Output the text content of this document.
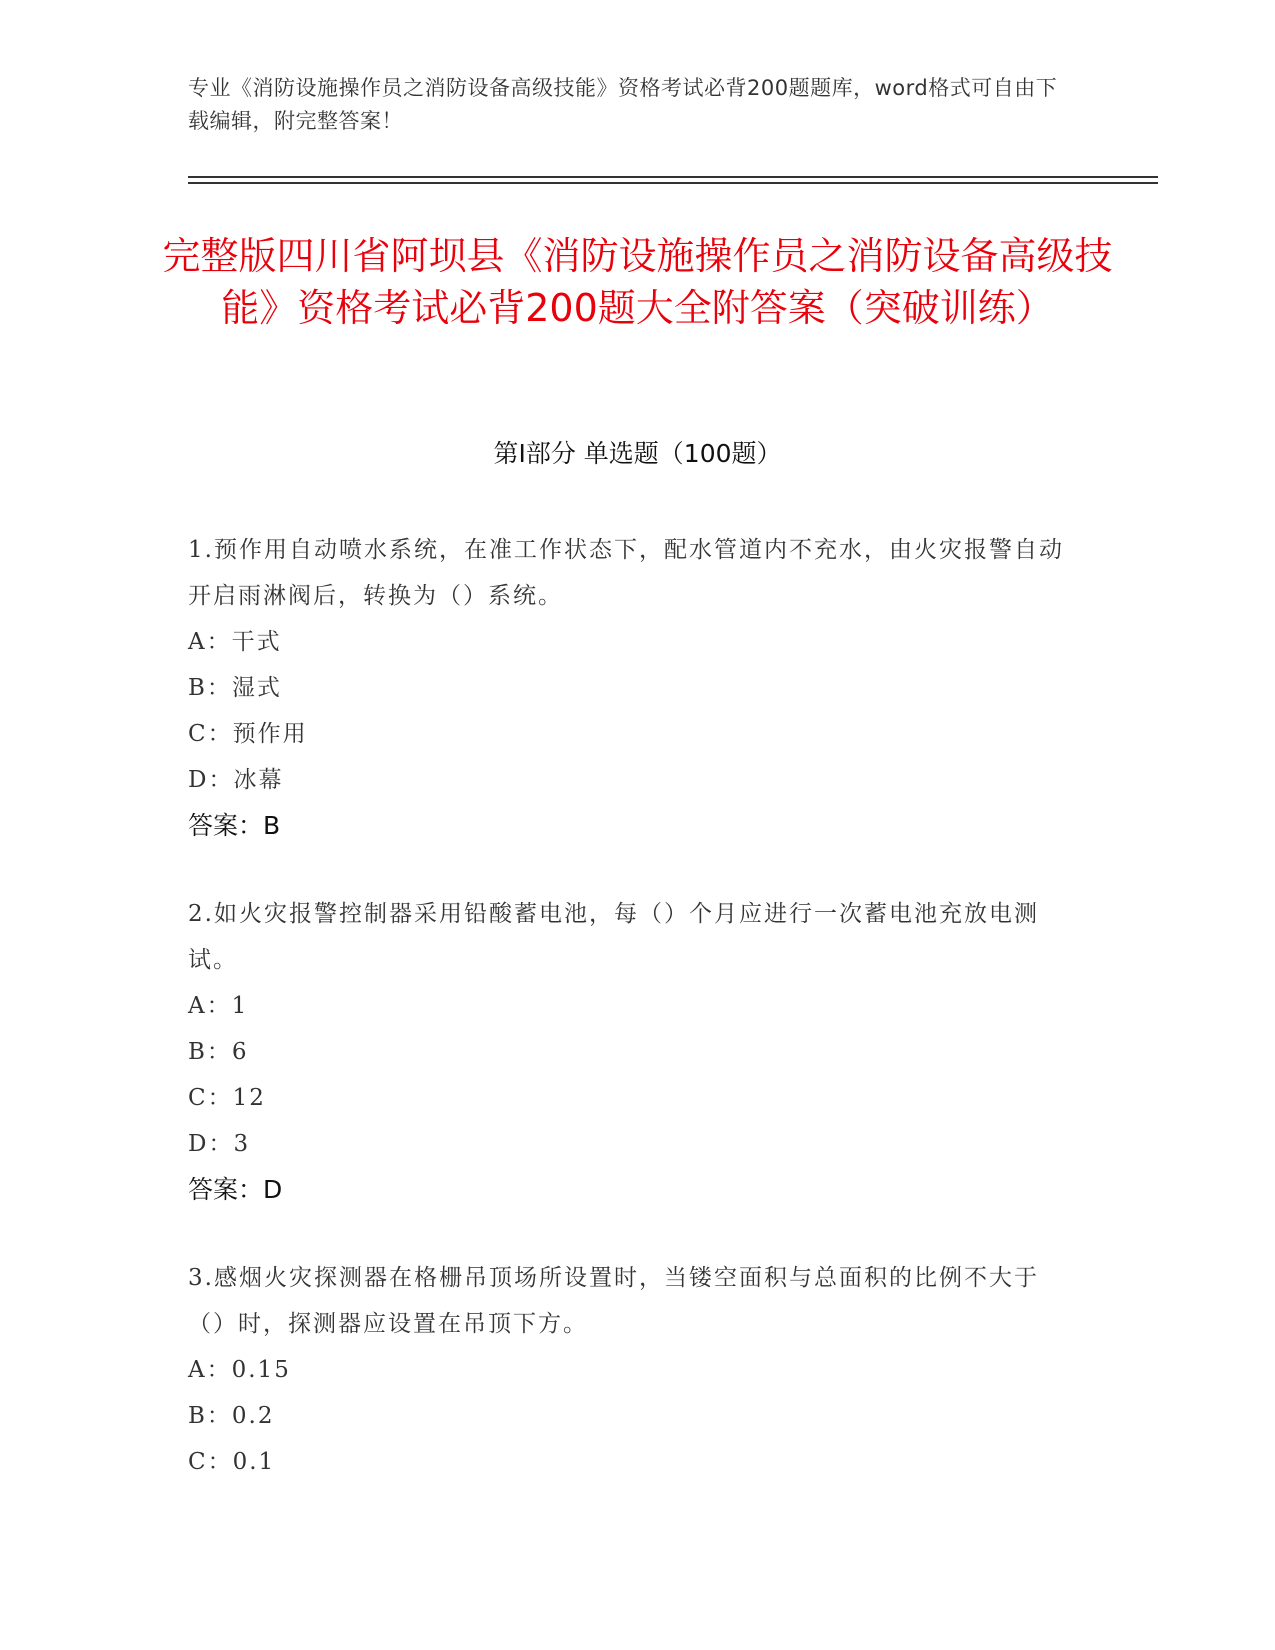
专业《消防设施操作员之消防设备高级技能》资格考试必背200题题库，word格式可自由下载编辑，附完整答案！
完整版四川省阿坝县《消防设施操作员之消防设备高级技能》资格考试必背200题大全附答案（突破训练）
第Ⅰ部分 单选题（100题）
1.预作用自动喷水系统，在准工作状态下，配水管道内不充水，由火灾报警自动开启雨淋阀后，转换为（）系统。
A：干式
B：湿式
C：预作用
D：冰幕
答案：B
2.如火灾报警控制器采用铅酸蓄电池，每（）个月应进行一次蓄电池充放电测试。
A：1
B：6
C：12
D：3
答案：D
3.感烟火灾探测器在格栅吊顶场所设置时，当镂空面积与总面积的比例不大于（）时，探测器应设置在吊顶下方。
A：0.15
B：0.2
C：0.1
